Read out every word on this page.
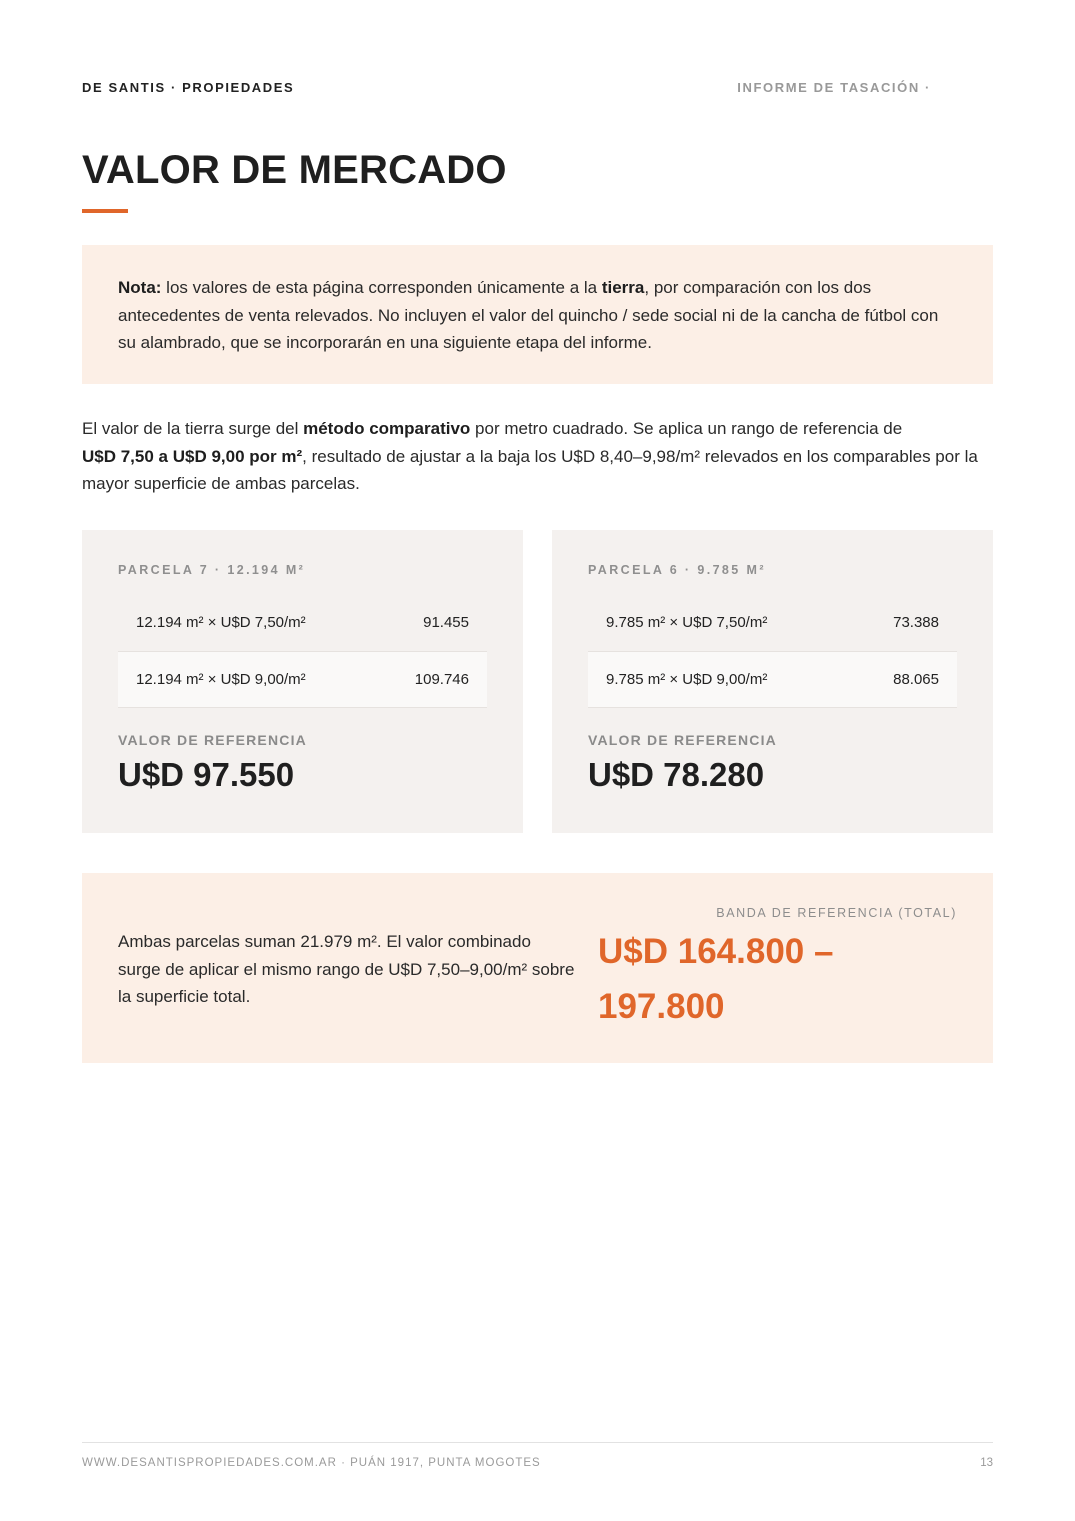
DE SANTIS · PROPIEDADES	INFORME DE TASACIÓN ·
VALOR DE MERCADO
Nota: los valores de esta página corresponden únicamente a la tierra, por comparación con los dos antecedentes de venta relevados. No incluyen el valor del quincho / sede social ni de la cancha de fútbol con su alambrado, que se incorporarán en una siguiente etapa del informe.

El valor de la tierra surge del método comparativo por metro cuadrado. Se aplica un rango de referencia de
U$D 7,50 a U$D 9,00 por m², resultado de ajustar a la baja los U$D 8,40–9,98/m² relevados en los comparables por la mayor superficie de ambas parcelas.

PARCELA 7 · 12.194 M²
12.194 m² × U$D 7,50/m²	91.455
12.194 m² × U$D 9,00/m²	109.746
VALOR DE REFERENCIA
U$D 97.550
PARCELA 6 · 9.785 M²
9.785 m² × U$D 7,50/m²	73.388
9.785 m² × U$D 9,00/m²	88.065
VALOR DE REFERENCIA
U$D 78.280
Ambas parcelas suman 21.979 m². El valor combinado surge de aplicar el mismo rango de U$D 7,50–9,00/m² sobre la superficie total.
BANDA DE REFERENCIA (TOTAL)
U$D 164.800 – 197.800
WWW.DESANTISPROPIEDADES.COM.AR · PUÁN 1917, PUNTA MOGOTES	13
